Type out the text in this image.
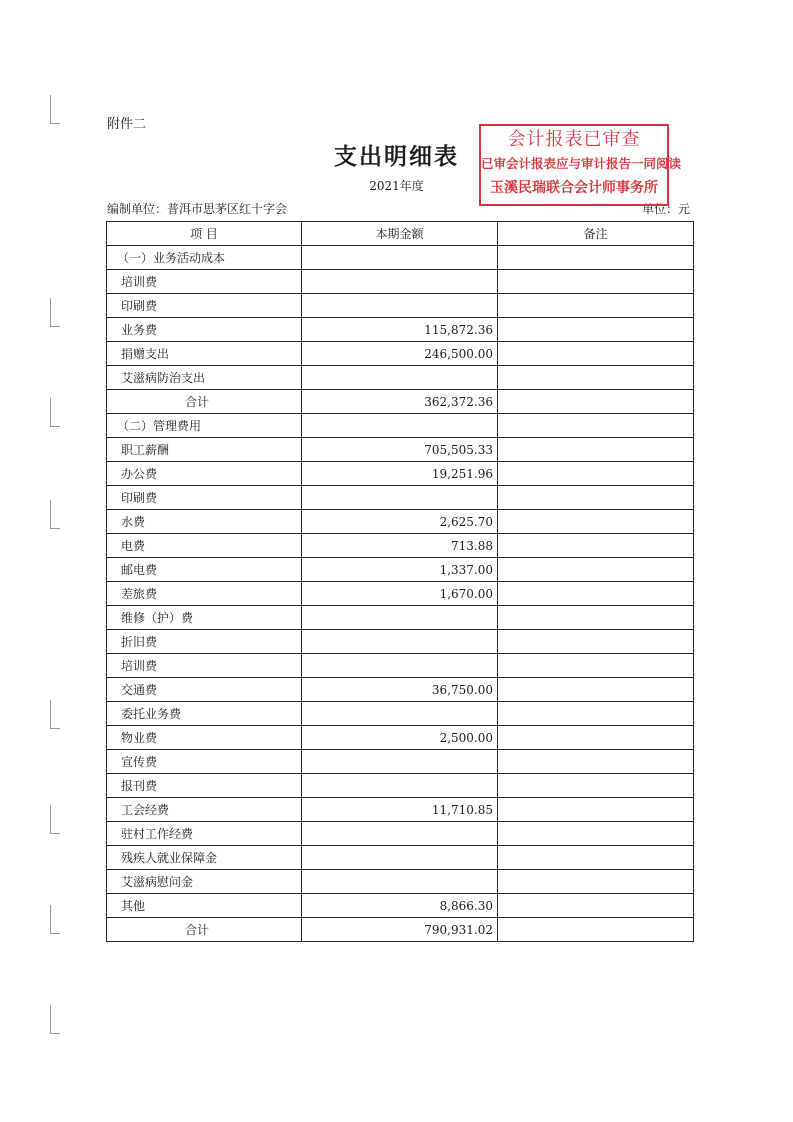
附件二
支出明细表
2021年度
编制单位：普洱市思茅区红十字会	单位：元
项 目	本期金额	备注
（一）业务活动成本		
培训费		
印刷费		
业务费	115,872.36	
捐赠支出	246,500.00	
艾滋病防治支出		
合计	362,372.36	
（二）管理费用		
职工薪酬	705,505.33	
办公费	19,251.96	
印刷费		
水费	2,625.70	
电费	713.88	
邮电费	1,337.00	
差旅费	1,670.00	
维修（护）费		
折旧费		
培训费		
交通费	36,750.00	
委托业务费		
物业费	2,500.00	
宣传费		
报刊费		
工会经费	11,710.85	
驻村工作经费		
残疾人就业保障金		
艾滋病慰问金		
其他	8,866.30	
合计	790,931.02	
会计报表已审查
已审会计报表应与审计报告一同阅读
玉溪民瑞联合会计师事务所
